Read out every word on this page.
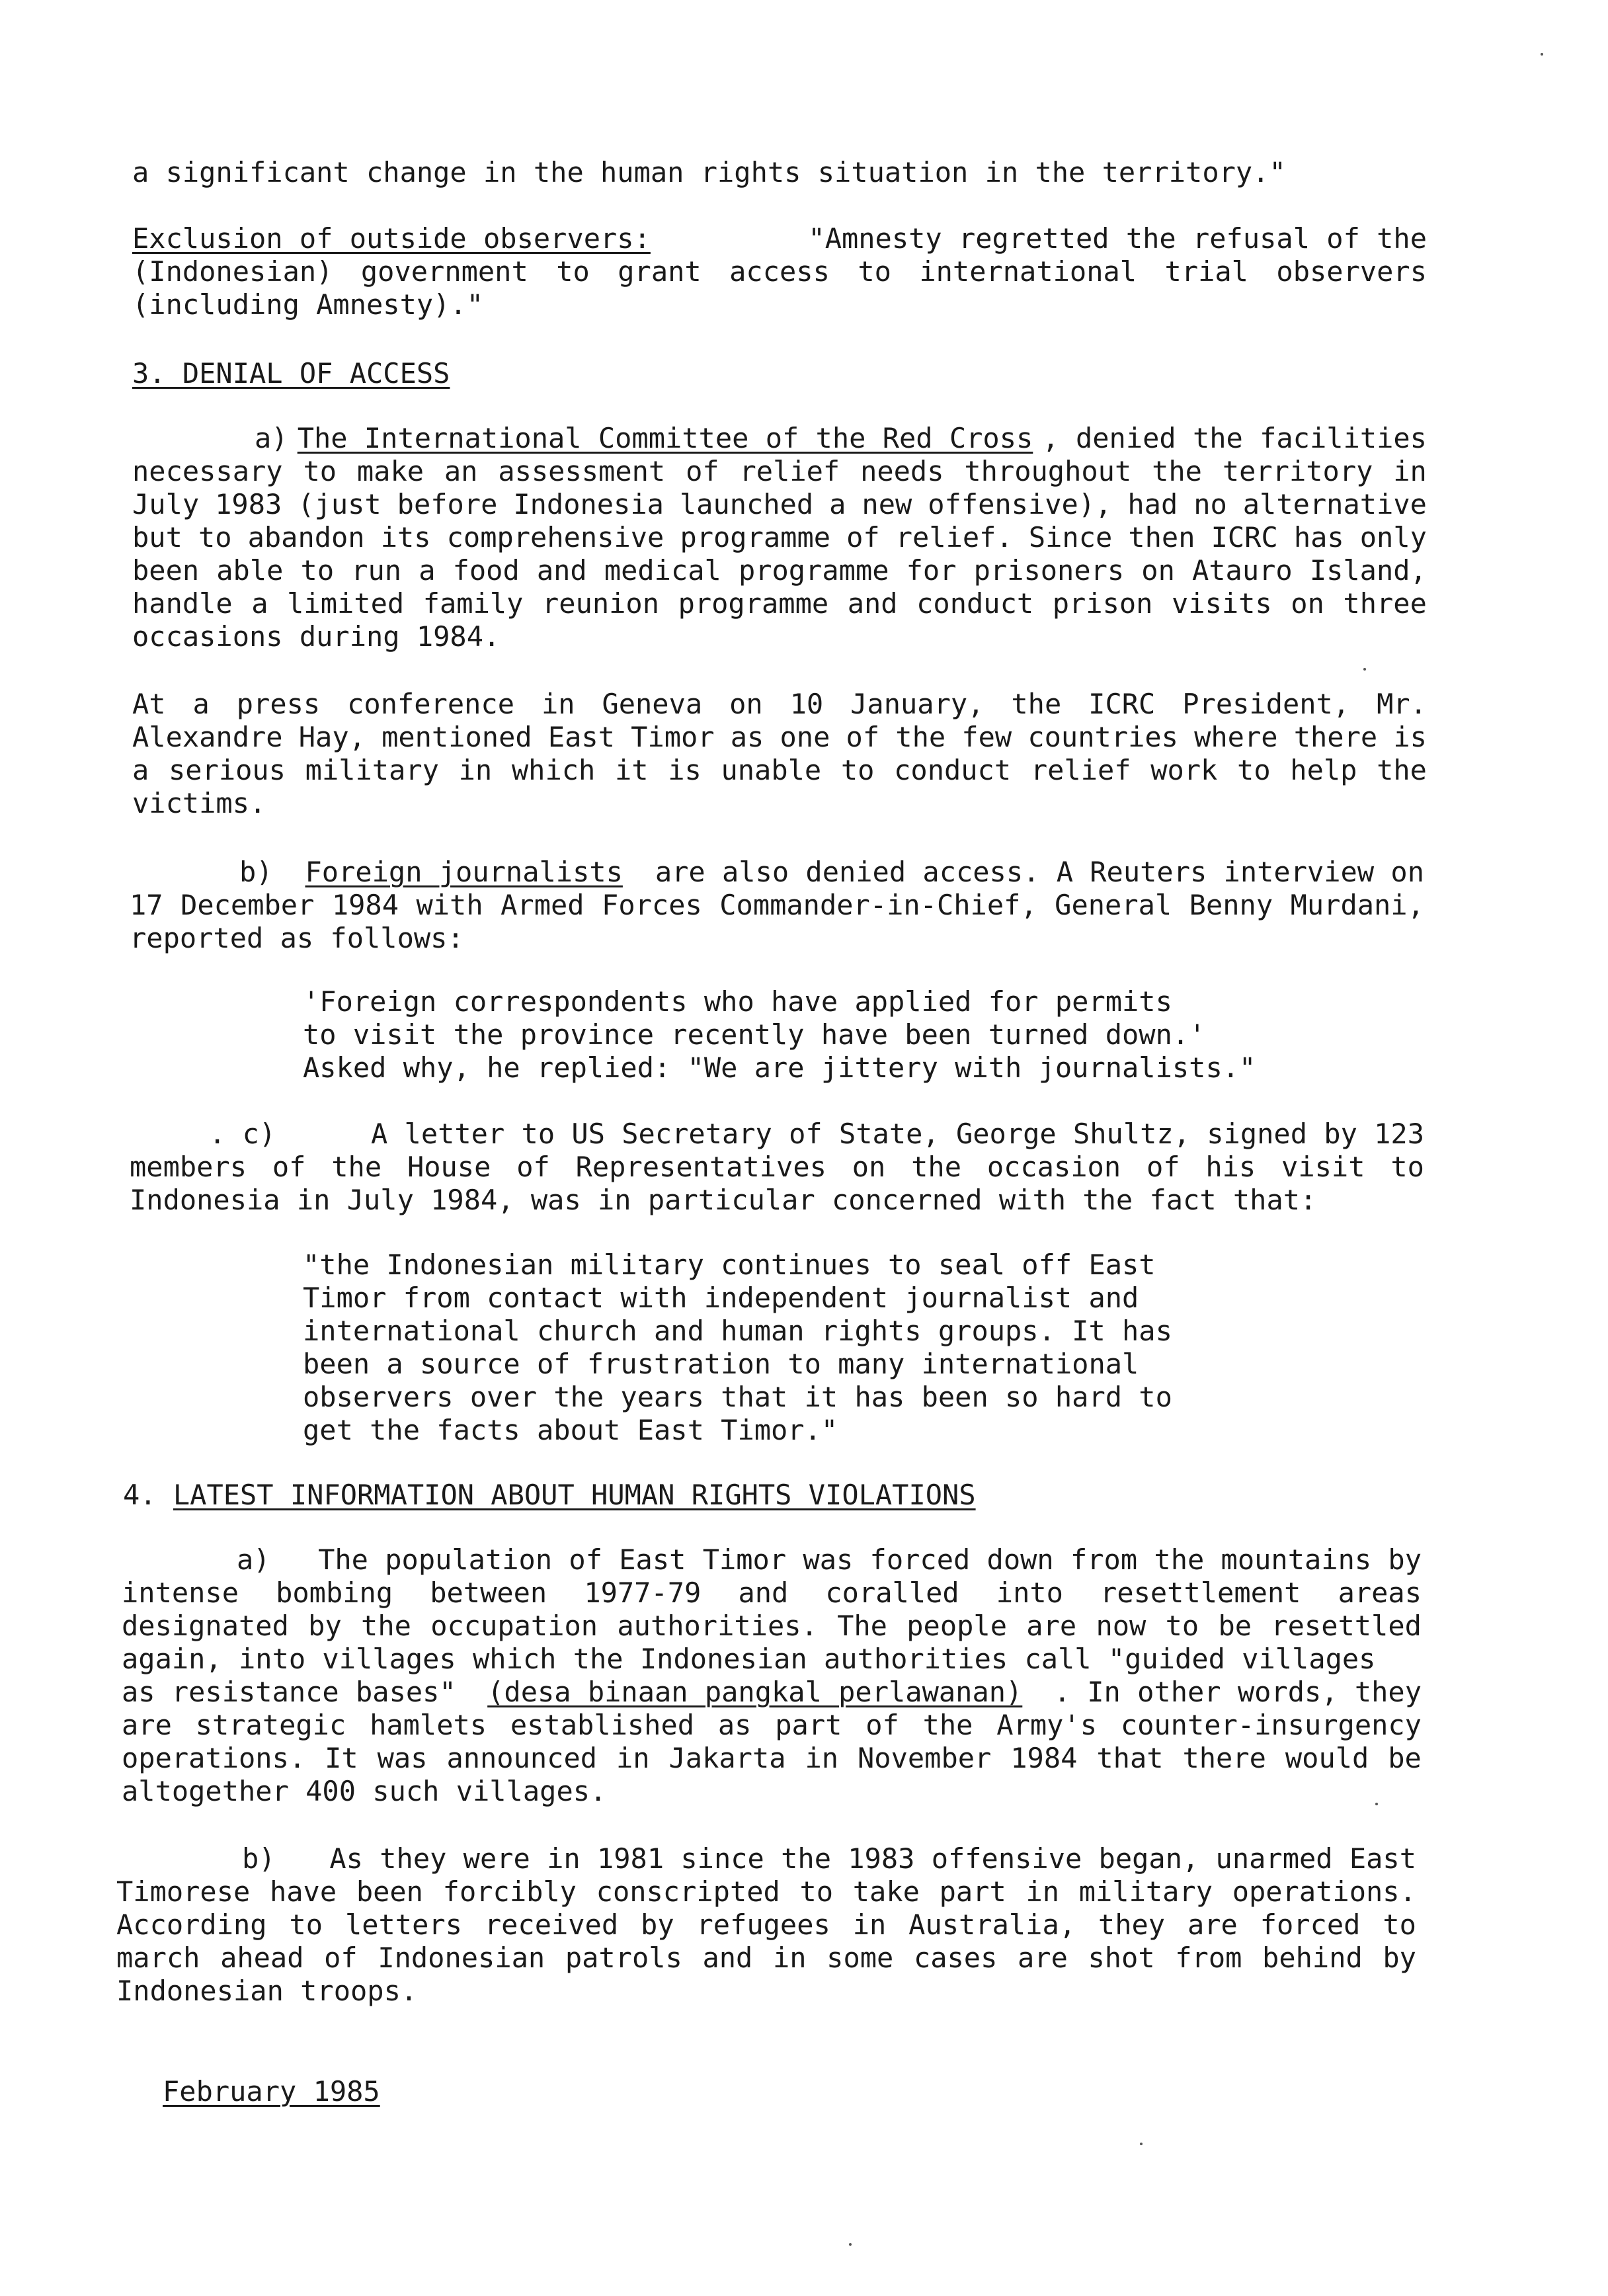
a significant change in the human rights situation in the territory."
Exclusion of outside observers:	"Amnesty regretted the refusal of the
(Indonesian) government to grant access to international trial observers
(including Amnesty)."
3. DENIAL OF ACCESS
a) The International Committee of the Red Cross , denied the facilities
necessary to make an assessment of relief needs throughout the territory in
July 1983 (just before Indonesia launched a new offensive), had no alternative
but to abandon its comprehensive programme of relief. Since then ICRC has only
been able to run a food and medical programme for prisoners on Atauro Island,
handle a limited family reunion programme and conduct prison visits on three
occasions during 1984.
At a press conference in Geneva on 10 January, the ICRC President, Mr.
Alexandre Hay, mentioned East Timor as one of the few countries where there is
a serious military in which it is unable to conduct relief work to help the
victims.
b) Foreign journalists are also denied access. A Reuters interview on
17 December 1984 with Armed Forces Commander-in-Chief, General Benny Murdani,
reported as follows:
'Foreign correspondents who have applied for permits
to visit the province recently have been turned down.'
Asked why, he replied: "We are jittery with journalists."
. c)	A letter to US Secretary of State, George Shultz, signed by 123
members of the House of Representatives on the occasion of his visit to
Indonesia in July 1984, was in particular concerned with the fact that:
"the Indonesian military continues to seal off East
Timor from contact with independent journalist and
international church and human rights groups. It has
been a source of frustration to many international
observers over the years that it has been so hard to
get the facts about East Timor."
4. LATEST INFORMATION ABOUT HUMAN RIGHTS VIOLATIONS
a) The population of East Timor was forced down from the mountains by
intense bombing between 1977-79 and coralled into resettlement areas
designated by the occupation authorities. The people are now to be resettled
again, into villages which the Indonesian authorities call "guided villages
as resistance bases" (desa binaan pangkal perlawanan) . In other words, they
are strategic hamlets established as part of the Army's counter-insurgency
operations. It was announced in Jakarta in November 1984 that there would be
altogether 400 such villages.
b) As they were in 1981 since the 1983 offensive began, unarmed East
Timorese have been forcibly conscripted to take part in military operations.
According to letters received by refugees in Australia, they are forced to
march ahead of Indonesian patrols and in some cases are shot from behind by
Indonesian troops.
February 1985
